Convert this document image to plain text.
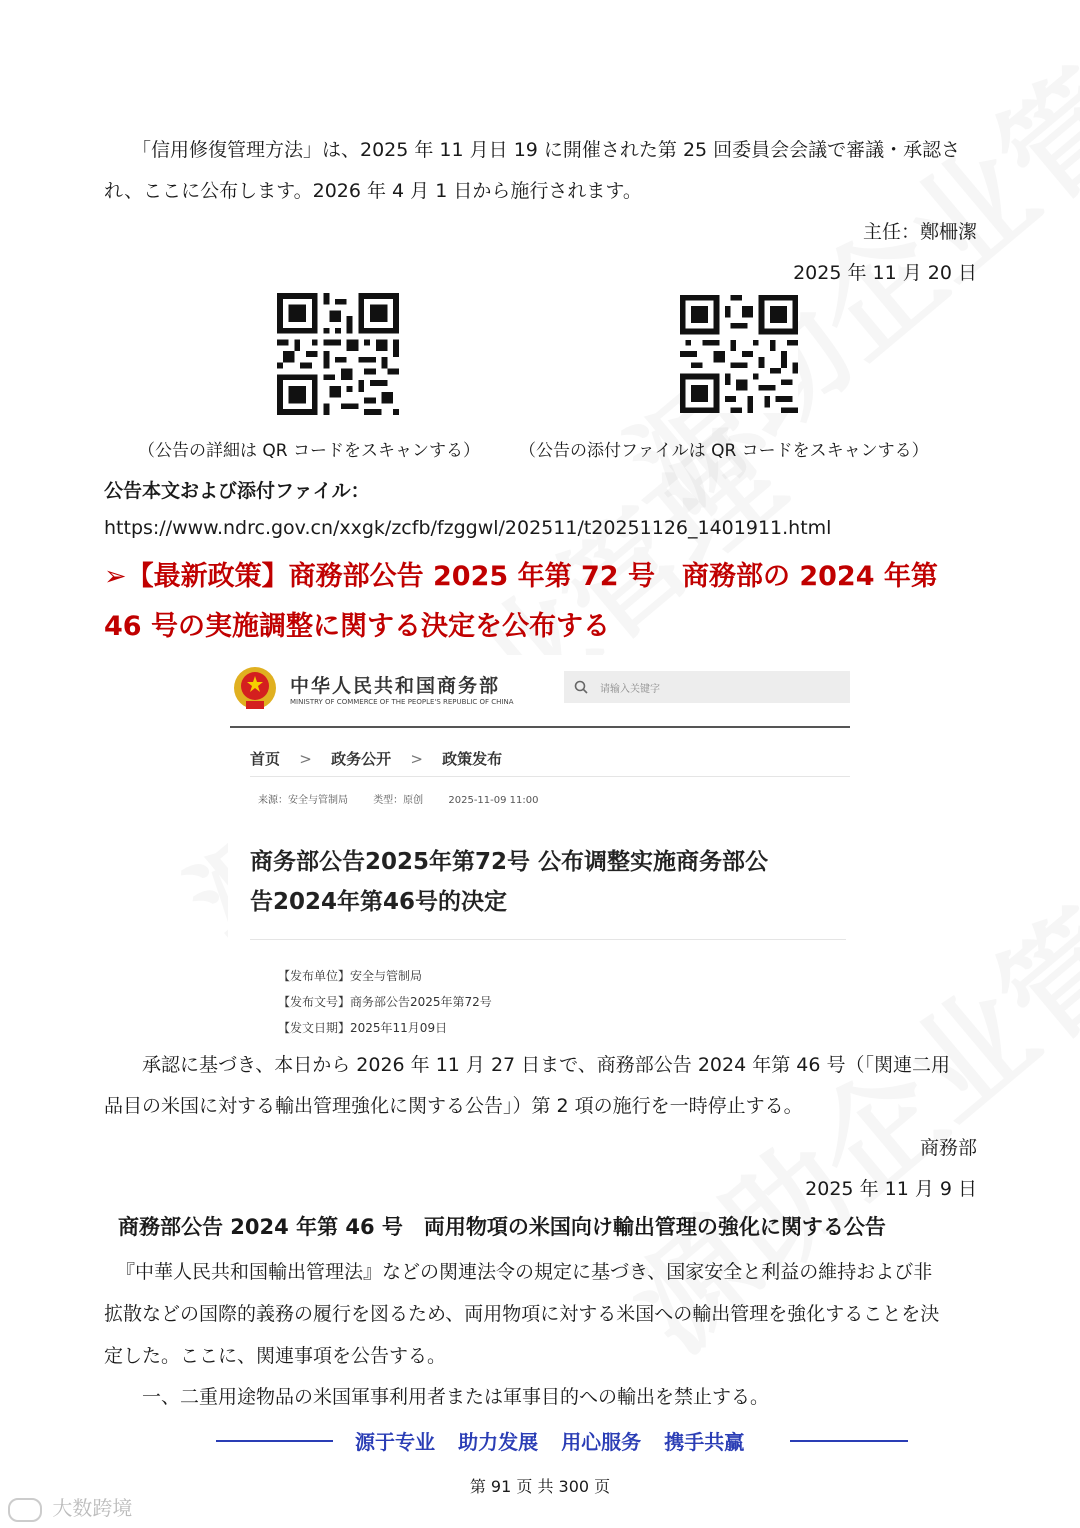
「信用修復管理方法」は、2025 年 11 月日 19 に開催された第 25 回委員会会議で審議・承認さ
れ、ここに公布します。2026 年 4 月 1 日から施行されます。
主任：鄭柵潔
2025 年 11 月 20 日
（公告の詳細は QR コードをスキャンする） （公告の添付ファイルは QR コードをスキャンする）
公告本文および添付ファイル：
https://www.ndrc.gov.cn/xxgk/zcfb/fzggwl/202511/t20251126_1401911.html
➢【最新政策】商務部公告 2025 年第 72 号　商務部の 2024 年第
46 号の実施調整に関する決定を公布する
中华人民共和国商务部
MINISTRY OF COMMERCE OF THE PEOPLE'S REPUBLIC OF CHINA
请输入关键字
首页 > 政务公开 > 政策发布
来源：安全与管制局	类型：原创	2025-11-09 11:00
商务部公告2025年第72号 公布调整实施商务部公
告2024年第46号的决定
【发布单位】安全与管制局
【发布文号】商务部公告2025年第72号
【发文日期】2025年11月09日
承認に基づき、本日から 2026 年 11 月 27 日まで、商務部公告 2024 年第 46 号（「関連二用
品目の米国に対する輸出管理強化に関する公告」）第 2 項の施行を一時停止する。
商務部
2025 年 11 月 9 日
商務部公告 2024 年第 46 号　両用物項の米国向け輸出管理の強化に関する公告
『中華人民共和国輸出管理法』などの関連法令の規定に基づき、国家安全と利益の維持および非
拡散などの国際的義務の履行を図るため、両用物項に対する米国への輸出管理を強化することを決
定した。ここに、関連事項を公告する。
一、二重用途物品の米国軍事利用者または軍事目的への輸出を禁止する。
源于专业 助力发展 用心服务 携手共赢
第 91 页 共 300 页
大数跨境
